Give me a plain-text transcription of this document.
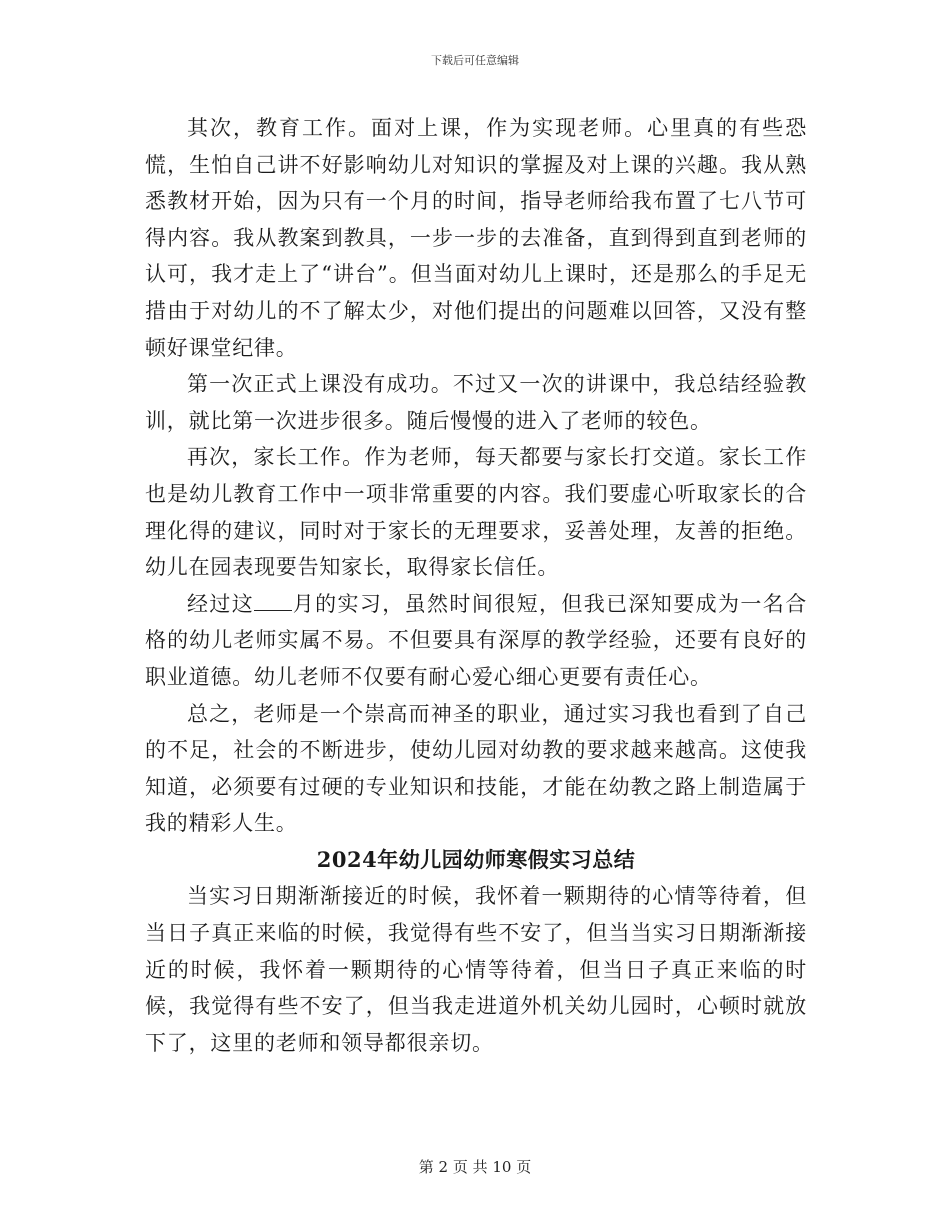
下载后可任意编辑

其次，教育工作。面对上课，作为实现老师。心里真的有些恐慌，生怕自己讲不好影响幼儿对知识的掌握及对上课的兴趣。我从熟悉教材开始，因为只有一个月的时间，指导老师给我布置了七八节可得内容。我从教案到教具，一步一步的去准备，直到得到直到老师的认可，我才走上了“讲台”。但当面对幼儿上课时，还是那么的手足无措由于对幼儿的不了解太少，对他们提出的问题难以回答，又没有整顿好课堂纪律。

第一次正式上课没有成功。不过又一次的讲课中，我总结经验教训，就比第一次进步很多。随后慢慢的进入了老师的较色。

再次，家长工作。作为老师，每天都要与家长打交道。家长工作也是幼儿教育工作中一项非常重要的内容。我们要虚心听取家长的合理化得的建议，同时对于家长的无理要求，妥善处理，友善的拒绝。幼儿在园表现要告知家长，取得家长信任。

经过这 月的实习，虽然时间很短，但我已深知要成为一名合格的幼儿老师实属不易。不但要具有深厚的教学经验，还要有良好的职业道德。幼儿老师不仅要有耐心爱心细心更要有责任心。

总之，老师是一个崇高而神圣的职业，通过实习我也看到了自己的不足，社会的不断进步，使幼儿园对幼教的要求越来越高。这使我知道，必须要有过硬的专业知识和技能，才能在幼教之路上制造属于我的精彩人生。

2024年幼儿园幼师寒假实习总结

当实习日期渐渐接近的时候，我怀着一颗期待的心情等待着，但当日子真正来临的时候，我觉得有些不安了，但当当实习日期渐渐接近的时候，我怀着一颗期待的心情等待着，但当日子真正来临的时候，我觉得有些不安了，但当我走进道外机关幼儿园时，心顿时就放下了，这里的老师和领导都很亲切。

第 2 页 共 10 页
